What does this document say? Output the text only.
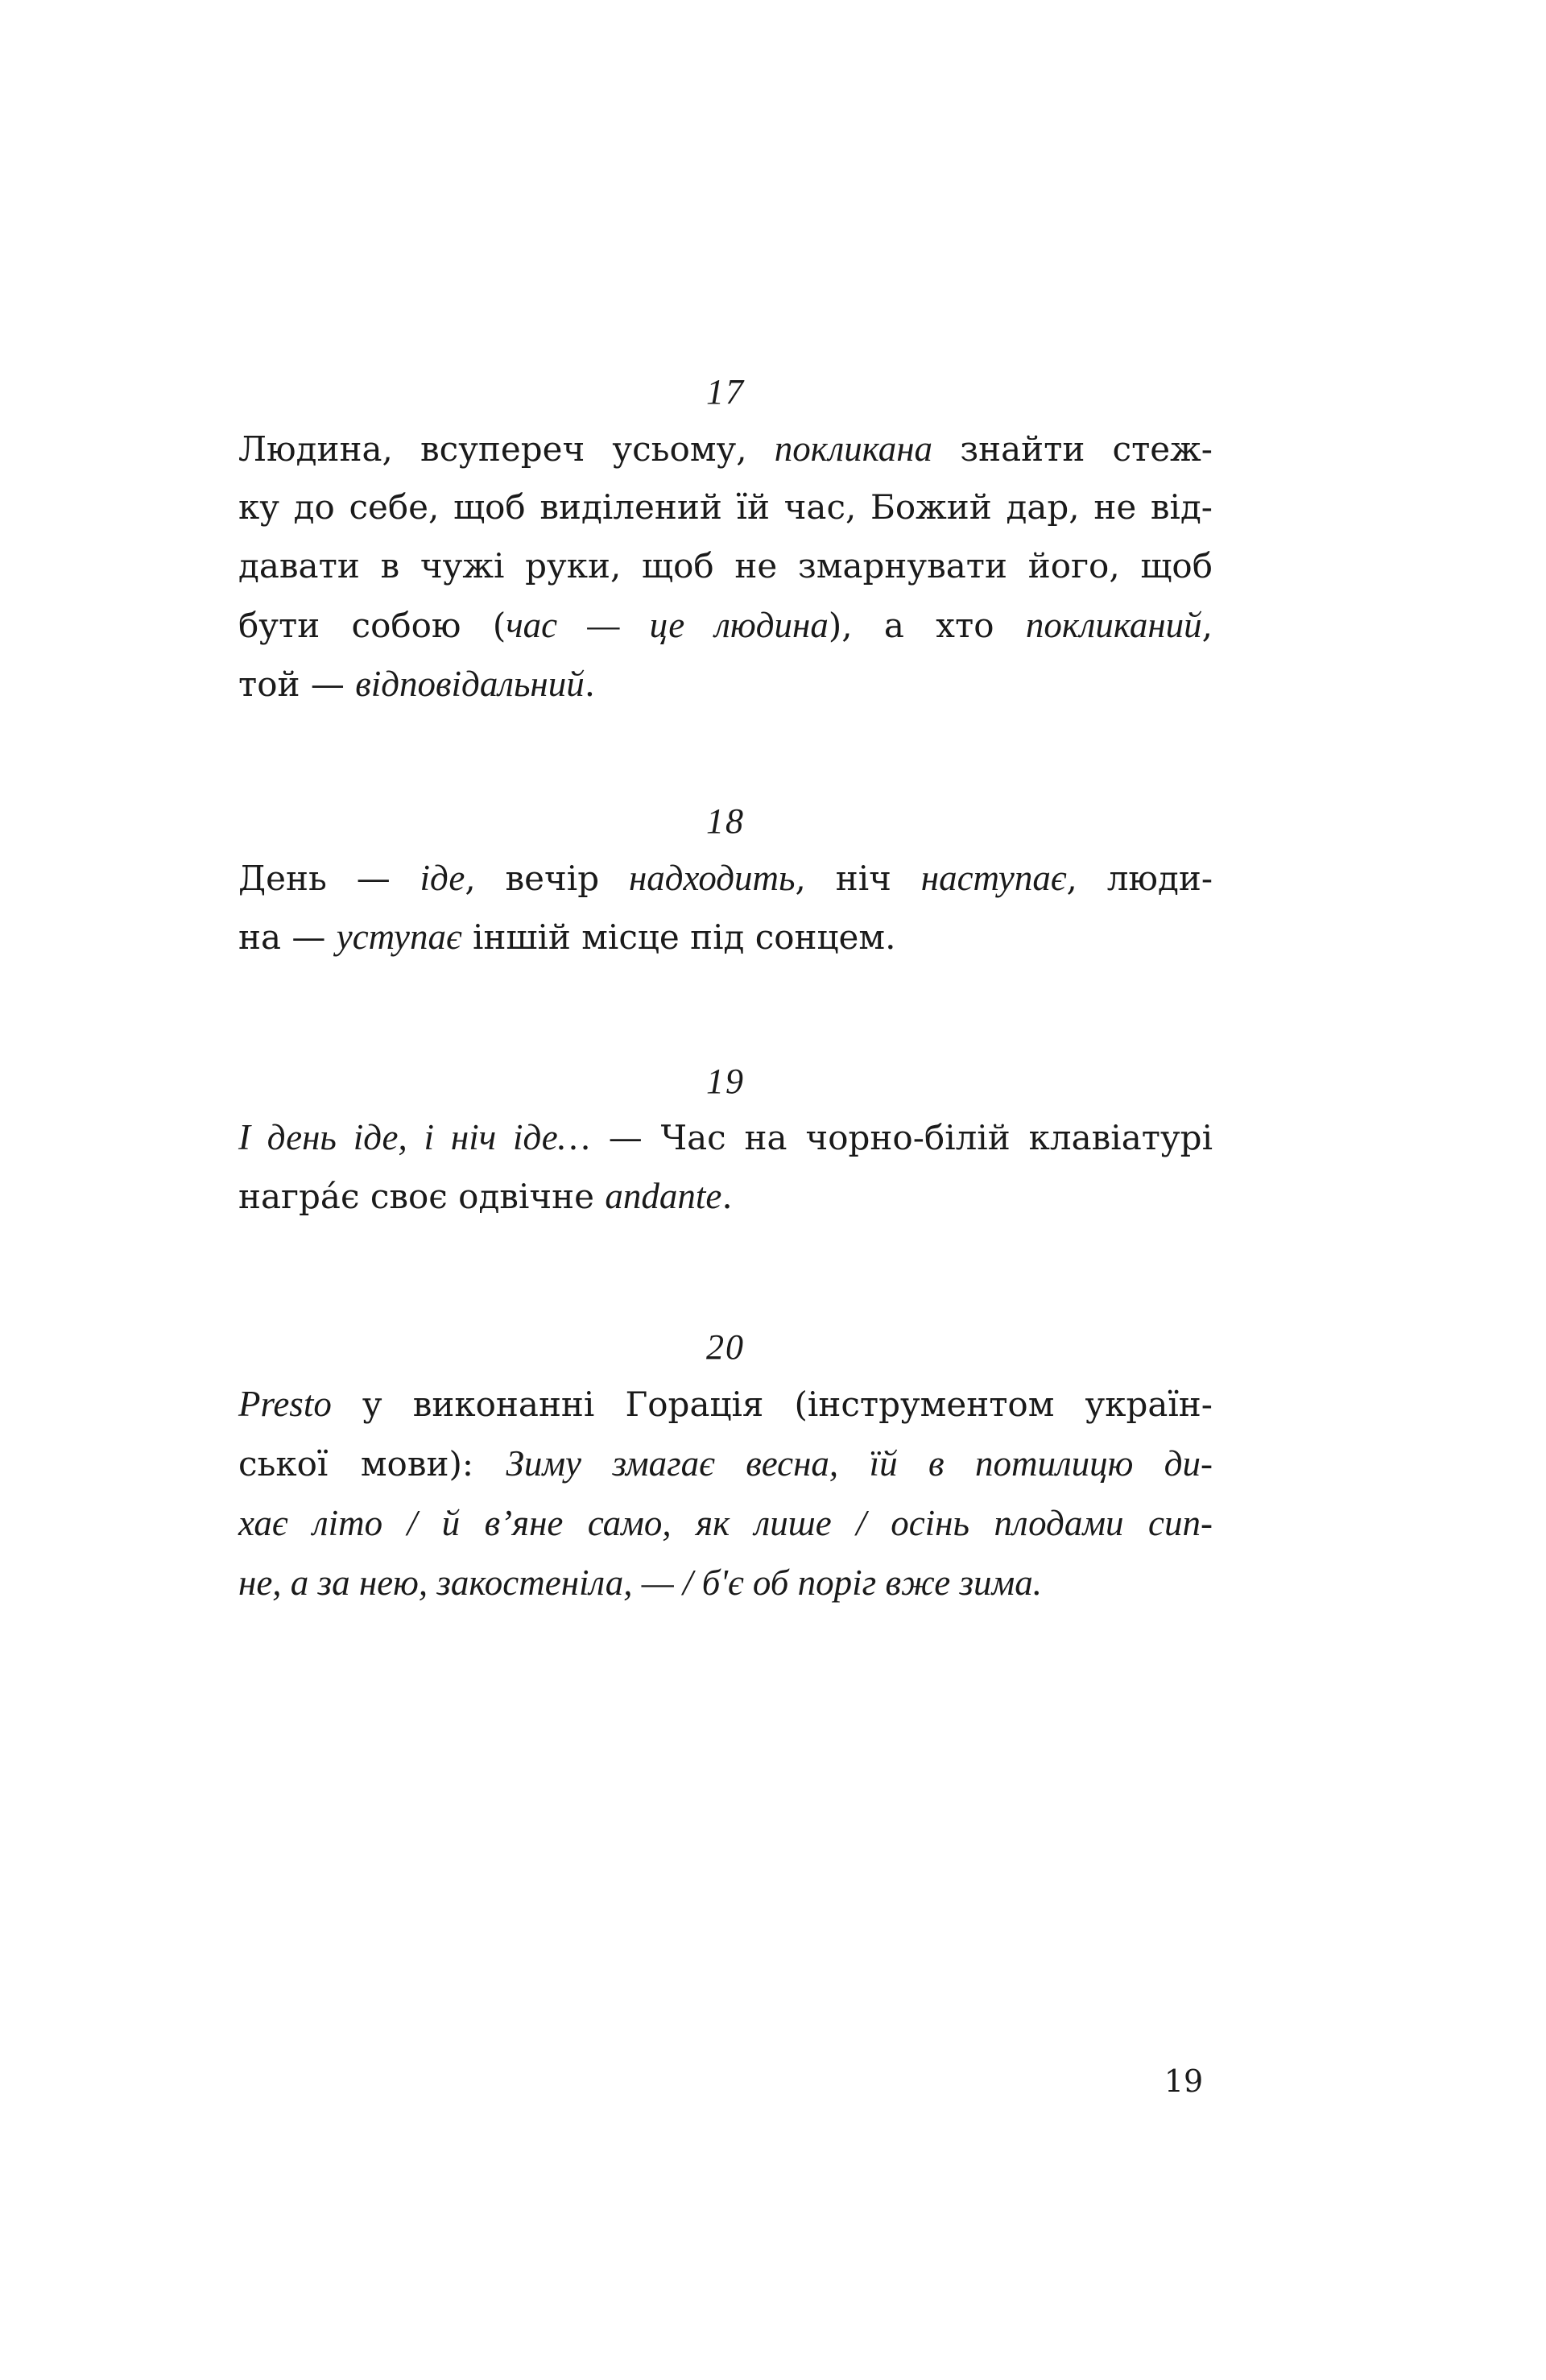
17
Людина, всупереч усьому, покликана знайти стеж-
ку до себе, щоб виділений їй час, Божий дар, не від-
давати в чужі руки, щоб не змарнувати його, щоб
бути собою (час — це людина), а хто покликаний,
той — відповідальний.
18
День — іде, вечір надходить, ніч наступає, люди-
на — уступає іншій місце під сонцем.
19
І день іде, і ніч іде… — Час на чорно-білій клавіатурі
награ́є своє одвічне andante.
20
Presto у виконанні Горація (інструментом україн-
ської мови): Зиму змагає весна, їй в потилицю ди-
хає літо / й в’яне само, як лише / осінь плодами сип-
не, а за нею, закостеніла, — / б'є об поріг вже зима.
19
